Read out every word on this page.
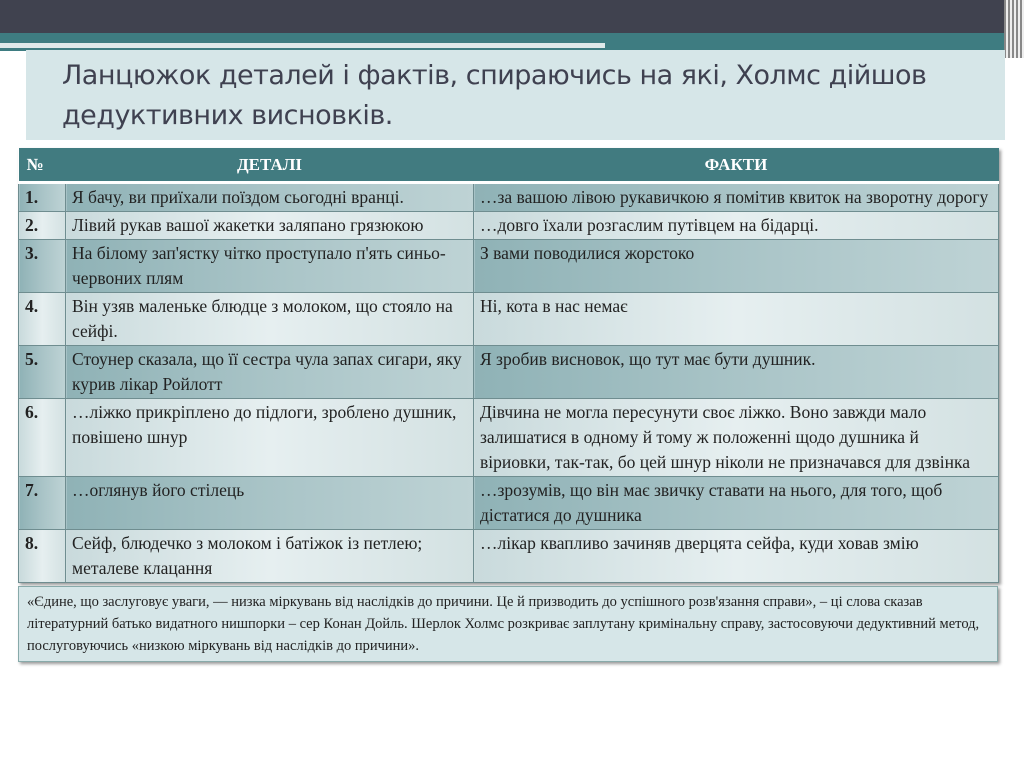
Ланцюжок деталей і фактів, спираючись на які, Холмс дійшов дедуктивних висновків.
№	ДЕТАЛІ	ФАКТИ
1.	Я бачу, ви приїхали поїздом сьогодні вранці.	…за вашою лівою рукавичкою я помітив квиток на зворотну дорогу
2.	Лівий рукав вашої жакетки заляпано грязюкою	…довго їхали розгаслим путівцем на бідарці.
3.	На білому зап'ястку чітко проступало п'ять синьо-червоних плям	З вами поводилися жорстоко
4.	Він узяв маленьке блюдце з молоком, що стояло на сейфі.	Ні, кота в нас немає
5.	Стоунер сказала, що її сестра чула запах сигари, яку курив лікар Ройлотт	Я зробив висновок, що тут має бути душник.
6.	…ліжко прикріплено до підлоги, зроблено душник, повішено шнур	Дівчина не могла пересунути своє ліжко. Воно завжди мало залишатися в одному й тому ж положенні щодо душника й віриовки, так-так, бо цей шнур ніколи не призначався для дзвінка
7.	…оглянув його стілець	…зрозумів, що він має звичку ставати на нього, для того, щоб дістатися до душника
8.	Сейф, блюдечко з молоком і батіжок із петлею; металеве клацання	…лікар квапливо зачиняв дверцята сейфа, куди ховав змію
«Єдине, що заслуговує уваги, — низка міркувань від наслідків до причини. Це й призводить до успішного розв'язання справи», – ці слова сказав літературний батько видатного нишпорки – сер Конан Дойль. Шерлок Холмс розкриває заплутану кримінальну справу, застосовуючи дедуктивний метод, послуговуючись «низкою міркувань від наслідків до причини».
